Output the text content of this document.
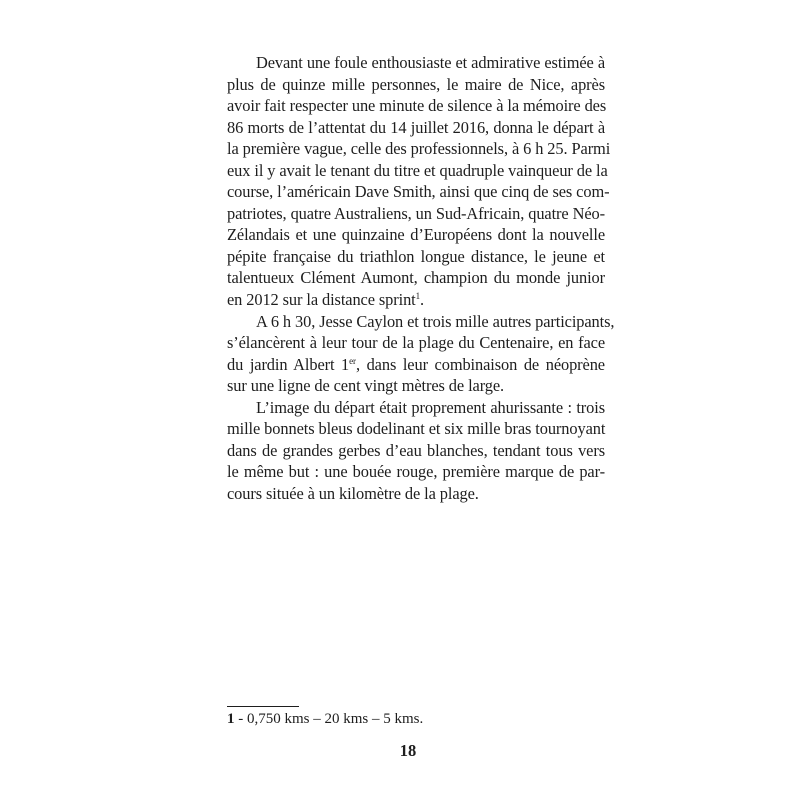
Devant une foule enthousiaste et admirative estimée à
plus de quinze mille personnes, le maire de Nice, après
avoir fait respecter une minute de silence à la mémoire des
86 morts de l’attentat du 14 juillet 2016, donna le départ à
la première vague, celle des professionnels, à 6 h 25. Parmi
eux il y avait le tenant du titre et quadruple vainqueur de la
course, l’américain Dave Smith, ainsi que cinq de ses com-
patriotes, quatre Australiens, un Sud-Africain, quatre Néo-
Zélandais et une quinzaine d’Européens dont la nouvelle
pépite française du triathlon longue distance, le jeune et
talentueux Clément Aumont, champion du monde junior
en 2012 sur la distance sprint$^1$.
A 6 h 30, Jesse Caylon et trois mille autres participants,
s’élancèrent à leur tour de la plage du Centenaire, en face
du jardin Albert 1er, dans leur combinaison de néoprène
sur une ligne de cent vingt mètres de large.
L’image du départ était proprement ahurissante : trois
mille bonnets bleus dodelinant et six mille bras tournoyant
dans de grandes gerbes d’eau blanches, tendant tous vers
le même but : une bouée rouge, première marque de par-
cours située à un kilomètre de la plage.
1 - 0,750 kms – 20 kms – 5 kms.
18
